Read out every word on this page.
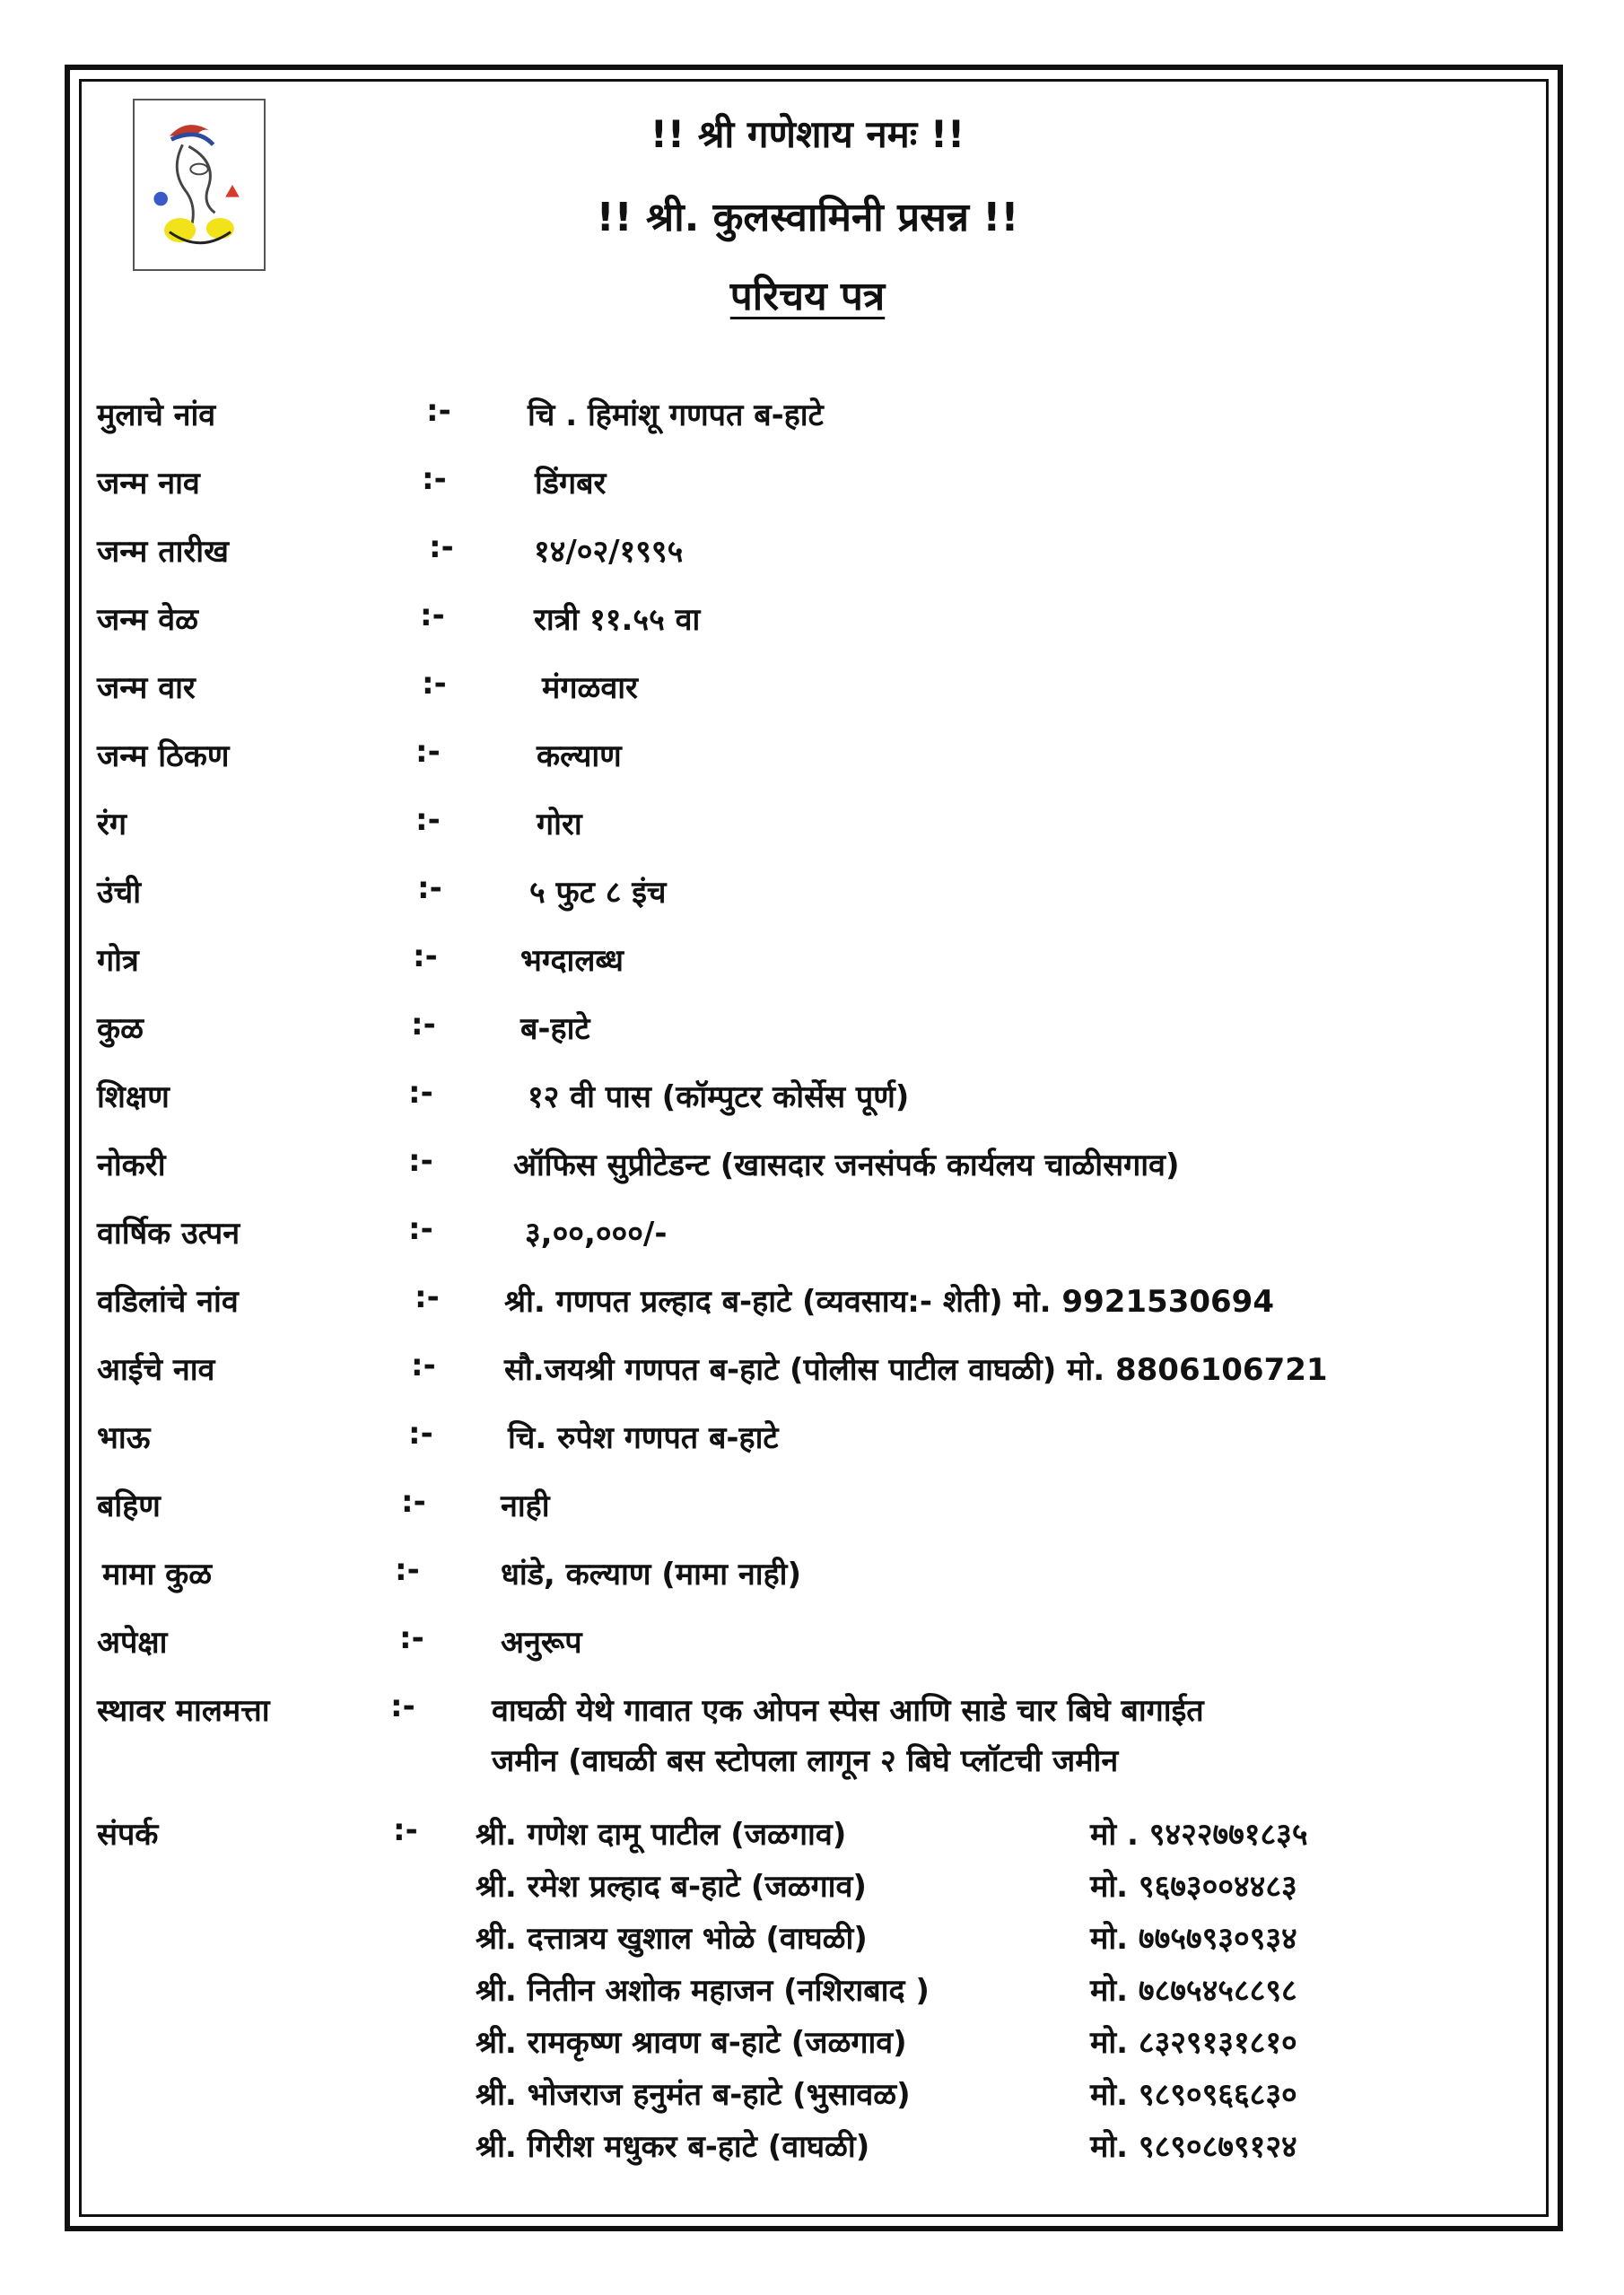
!! श्री गणेशाय नमः !!
!! श्री. कुलस्वामिनी प्रसन्न !!
परिचय पत्र
मुलाचे नांव	:-	चि . हिमांशू गणपत ब-हाटे
जन्म नाव	:-	डिंगबर
जन्म तारीख	:-	१४/०२/१९९५
जन्म वेळ	:-	रात्री ११.५५ वा
जन्म वार	:-	मंगळवार
जन्म ठिकण	:-	कल्याण
रंग	:-	गोरा
उंची	:-	५ फुट ८ इंच
गोत्र	:-	भग्दालब्ध
कुळ	:-	ब-हाटे
शिक्षण	:-	१२ वी पास (कॉम्पुटर कोर्सेस पूर्ण)
नोकरी	:-	ऑफिस सुप्रीटेडन्ट (खासदार जनसंपर्क कार्यलय चाळीसगाव)
वार्षिक उत्पन	:-	३,००,०००/-
वडिलांचे नांव	:- श्री. गणपत प्रल्हाद ब-हाटे (व्यवसाय:- शेती) मो. 9921530694
आईचे नाव	:- सौ.जयश्री गणपत ब-हाटे (पोलीस पाटील वाघळी) मो. 8806106721
भाऊ	:- चि. रुपेश गणपत ब-हाटे
बहिण	:- नाही
मामा कुळ	:-	धांडे, कल्याण (मामा नाही)
अपेक्षा	:-	अनुरूप
स्थावर मालमत्ता	:-	वाघळी येथे गावात एक ओपन स्पेस आणि साडे चार बिघे बागाईत
जमीन (वाघळी बस स्टोपला लागून २ बिघे प्लॉटची जमीन
संपर्क	:- श्री. गणेश दामू पाटील (जळगाव)	मो . ९४२२७७१८३५
श्री. रमेश प्रल्हाद ब-हाटे (जळगाव)	मो. ९६७३००४४८३
श्री. दत्तात्रय खुशाल भोळे (वाघळी)	मो. ७७५७९३०९३४
श्री. नितीन अशोक महाजन (नशिराबाद )	मो. ७८७५४५८८९८
श्री. रामकृष्ण श्रावण ब-हाटे (जळगाव)	मो. ८३२९१३१८१०
श्री. भोजराज हनुमंत ब-हाटे (भुसावळ)	मो. ९८९०९६६८३०
श्री. गिरीश मधुकर ब-हाटे (वाघळी)	मो. ९८९०८७९१२४
